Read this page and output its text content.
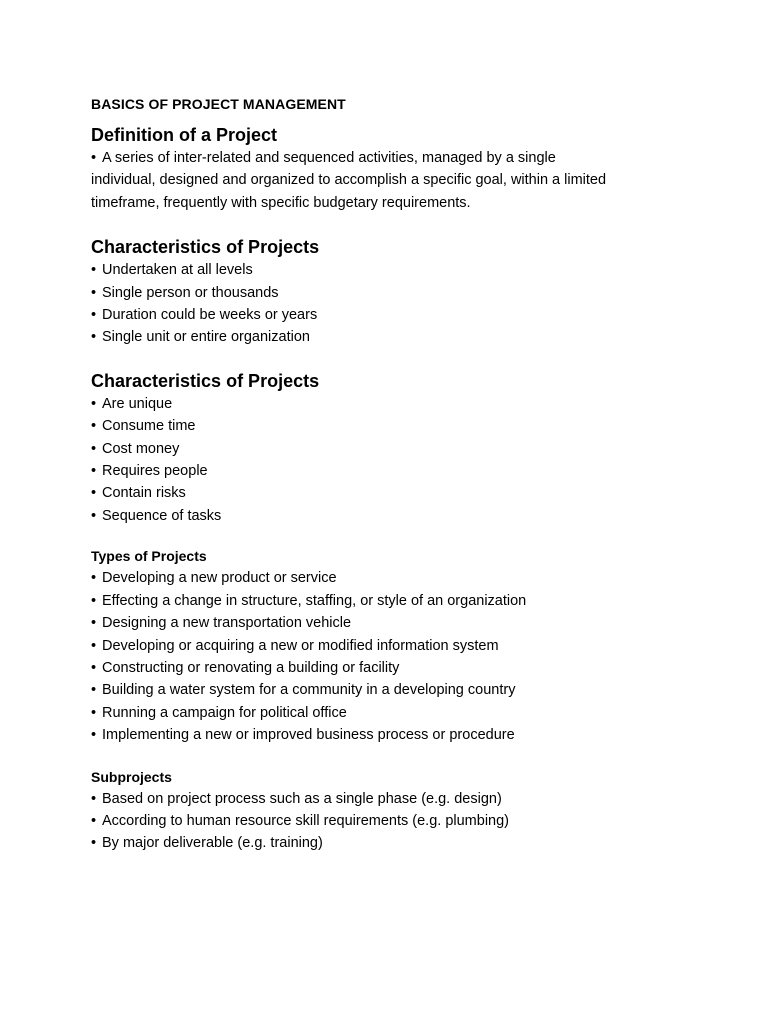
BASICS OF PROJECT MANAGEMENT
Definition of a Project

• A series of inter-related and sequenced activities, managed by a single
individual, designed and organized to accomplish a specific goal, within a limited
timeframe, frequently with specific budgetary requirements.

Characteristics of Projects
• Undertaken at all levels
• Single person or thousands
• Duration could be weeks or years
• Single unit or entire organization
Characteristics of Projects
• Are unique
• Consume time
• Cost money
• Requires people
• Contain risks
• Sequence of tasks
Types of Projects
• Developing a new product or service
• Effecting a change in structure, staffing, or style of an organization
• Designing a new transportation vehicle
• Developing or acquiring a new or modified information system
• Constructing or renovating a building or facility
• Building a water system for a community in a developing country
• Running a campaign for political office
• Implementing a new or improved business process or procedure
Subprojects
• Based on project process such as a single phase (e.g. design)
• According to human resource skill requirements (e.g. plumbing)
• By major deliverable (e.g. training)
